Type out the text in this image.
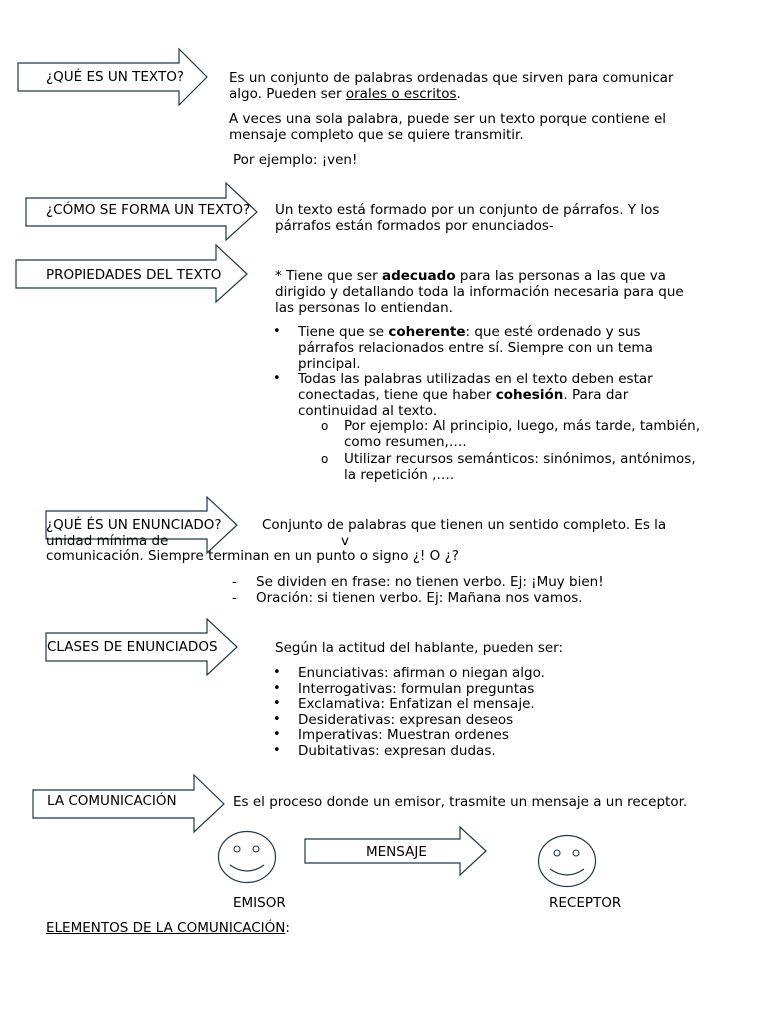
¿QUÉ ES UN TEXTO?	Es un conjunto de palabras ordenadas que sirven para comunicar
algo. Pueden ser orales o escritos.
A veces una sola palabra, puede ser un texto porque contiene el
mensaje completo que se quiere transmitir.
Por ejemplo: ¡ven!
¿CÓMO SE FORMA UN TEXTO? Un texto está formado por un conjunto de párrafos. Y los
párrafos están formados por enunciados-
PROPIEDADES DEL TEXTO	* Tiene que ser adecuado para las personas a las que va
dirigido y detallando toda la información necesaria para que
las personas lo entiendan.
• Tiene que se coherente: que esté ordenado y sus
párrafos relacionados entre sí. Siempre con un tema
principal.
• Todas las palabras utilizadas en el texto deben estar
conectadas, tiene que haber cohesión. Para dar
continuidad al texto.
o Por ejemplo: Al principio, luego, más tarde, también,
como resumen,….
o Utilizar recursos semánticos: sinónimos, antónimos,
la repetición ,….
¿QUÉ ÉS UN ENUNCIADO?	Conjunto de palabras que tienen un sentido completo. Es la
unidad mínima de	v
comunicación. Siempre terminan en un punto o signo ¿! O ¿?
- Se dividen en frase: no tienen verbo. Ej: ¡Muy bien!
- Oración: si tienen verbo. Ej: Mañana nos vamos.
CLASES DE ENUNCIADOS	Según la actitud del hablante, pueden ser:
• Enunciativas: afirman o niegan algo.
• Interrogativas: formulan preguntas
• Exclamativa: Enfatizan el mensaje.
• Desiderativas: expresan deseos
• Imperativas: Muestran ordenes
• Dubitativas: expresan dudas.
LA COMUNICACIÓN	Es el proceso donde un emisor, trasmite un mensaje a un receptor.
MENSAJE
EMISOR	RECEPTOR
ELEMENTOS DE LA COMUNICACIÓN:
